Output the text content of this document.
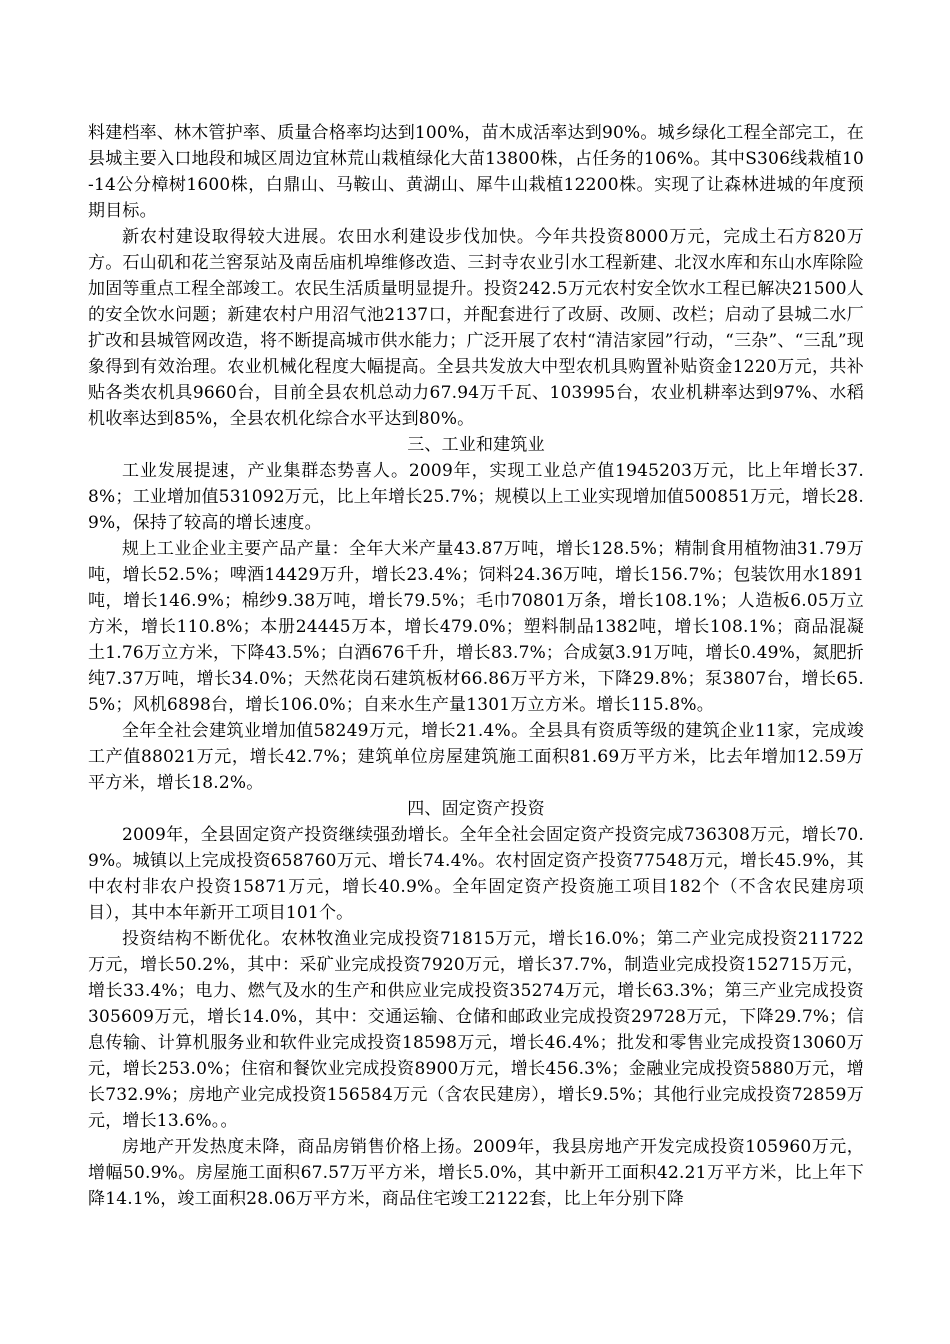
料建档率、林木管护率、质量合格率均达到100%，苗木成活率达到90%。城乡绿化工程全部完工，在县城主要入口地段和城区周边宜林荒山栽植绿化大苗13800株，占任务的106%。其中S306线栽植10-14公分樟树1600株，白鼎山、马鞍山、黄湖山、犀牛山栽植12200株。实现了让森林进城的年度预期目标。

新农村建设取得较大进展。农田水利建设步伐加快。今年共投资8000万元，完成土石方820万方。石山矶和花兰窖泵站及南岳庙机埠维修改造、三封寺农业引水工程新建、北汊水库和东山水库除险加固等重点工程全部竣工。农民生活质量明显提升。投资242.5万元农村安全饮水工程已解决21500人的安全饮水问题；新建农村户用沼气池2137口，并配套进行了改厨、改厕、改栏；启动了县城二水厂扩改和县城管网改造，将不断提高城市供水能力；广泛开展了农村“清洁家园”行动，“三杂”、“三乱”现象得到有效治理。农业机械化程度大幅提高。全县共发放大中型农机具购置补贴资金1220万元，共补贴各类农机具9660台，目前全县农机总动力67.94万千瓦、103995台，农业机耕率达到97%、水稻机收率达到85%，全县农机化综合水平达到80%。

三、工业和建筑业

工业发展提速，产业集群态势喜人。2009年，实现工业总产值1945203万元，比上年增长37.8%；工业增加值531092万元，比上年增长25.7%；规模以上工业实现增加值500851万元，增长28.9%，保持了较高的增长速度。

规上工业企业主要产品产量：全年大米产量43.87万吨，增长128.5%；精制食用植物油31.79万吨，增长52.5%；啤酒14429万升，增长23.4%；饲料24.36万吨，增长156.7%；包装饮用水1891吨，增长146.9%；棉纱9.38万吨，增长79.5%；毛巾70801万条，增长108.1%；人造板6.05万立方米，增长110.8%；本册24445万本，增长479.0%；塑料制品1382吨，增长108.1%；商品混凝土1.76万立方米，下降43.5%；白酒676千升，增长83.7%；合成氨3.91万吨，增长0.49%，氮肥折纯7.37万吨，增长34.0%；天然花岗石建筑板材66.86万平方米，下降29.8%；泵3807台，增长65.5%；风机6898台，增长106.0%；自来水生产量1301万立方米。增长115.8%。

全年全社会建筑业增加值58249万元，增长21.4%。全县具有资质等级的建筑企业11家，完成竣工产值88021万元，增长42.7%；建筑单位房屋建筑施工面积81.69万平方米，比去年增加12.59万平方米，增长18.2%。

四、固定资产投资

2009年，全县固定资产投资继续强劲增长。全年全社会固定资产投资完成736308万元，增长70.9%。城镇以上完成投资658760万元、增长74.4%。农村固定资产投资77548万元，增长45.9%，其中农村非农户投资15871万元，增长40.9%。全年固定资产投资施工项目182个（不含农民建房项目），其中本年新开工项目101个。

投资结构不断优化。农林牧渔业完成投资71815万元，增长16.0%；第二产业完成投资211722万元，增长50.2%，其中：采矿业完成投资7920万元，增长37.7%，制造业完成投资152715万元，增长33.4%；电力、燃气及水的生产和供应业完成投资35274万元，增长63.3%；第三产业完成投资305609万元，增长14.0%，其中：交通运输、仓储和邮政业完成投资29728万元，下降29.7%；信息传输、计算机服务业和软件业完成投资18598万元，增长46.4%；批发和零售业完成投资13060万元，增长253.0%；住宿和餐饮业完成投资8900万元，增长456.3%；金融业完成投资5880万元，增长732.9%；房地产业完成投资156584万元（含农民建房），增长9.5%；其他行业完成投资72859万元，增长13.6%。。

房地产开发热度未降，商品房销售价格上扬。2009年，我县房地产开发完成投资105960万元，增幅50.9%。房屋施工面积67.57万平方米，增长5.0%，其中新开工面积42.21万平方米，比上年下降14.1%，竣工面积28.06万平方米，商品住宅竣工2122套，比上年分别下降
